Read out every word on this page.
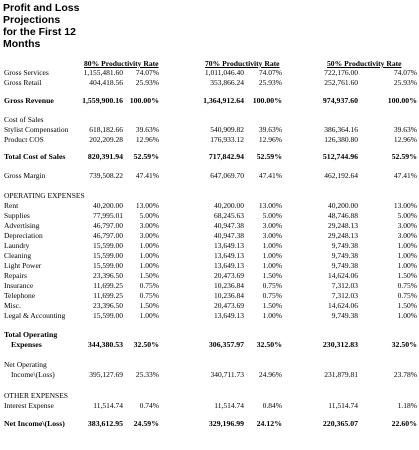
Profit and Loss
Projections
for the First 12
Months
80% Productivity Rate	70% Productivity Rate	50% Productivity Rate
Gross Services	1,155,481.60 74.07%	1,011,046.40 74.07%	722,176.00	74.07%
Gross Retail	404,418.56 25.93%	353,866.24 25.93%	252,761.60	25.93%
Gross Revenue	1,559,900.16 100.00%	1,364,912.64 100.00%	974,937.60	100.00%
Cost of Sales
Stylist Compensation	618,182.66 39.63%	540,909.82 39.63%	386,364.16	39.63%
Product COS	202,209.28 12.96%	176,933.12 12.96%	126,380.80	12.96%
Total Cost of Sales	820,391.94 52.59%	717,842.94 52.59%	512,744.96	52.59%
Gross Margin	739,508.22 47.41%	647,069.70 47.41%	462,192.64	47.41%
OPERATING EXPENSES
Rent	40,200.00 13.00%	40,200.00 13.00%	40,200.00	13.00%
Supplies	77,995.01 5.00%	68,245.63 5.00%	48,746.88	5.00%
Advertising	46,797.00 3.00%	40,947.38 3.00%	29,248.13	3.00%
Depreciation	46,797.00 3.00%	40,947.38 3.00%	29,248.13	3.00%
Laundry	15,599.00 1.00%	13,649.13 1.00%	9,749.38	1.00%
Cleaning	15,599.00 1.00%	13,649.13 1.00%	9,749.38	1.00%
Light Power	15,599.00 1.00%	13,649.13 1.00%	9,749.38	1.00%
Repairs	23,396.50 1.50%	20,473.69 1.50%	14,624.06	1.50%
Insurance	11,699.25 0.75%	10,236.84 0.75%	7,312.03	0.75%
Telephone	11,699.25 0.75%	10,236.84 0.75%	7,312.03	0.75%
Misc.	23,396.50 1.50%	20,473.69 1.50%	14,624.06	1.50%
Legal & Accounting	15,599.00 1.00%	13,649.13 1.00%	9,749.38	1.00%
Total Operating
Expenses	344,380.53 32.50%	306,357.97 32.50%	230,312.83	32.50%
Net Operating
Income\(Loss)	395,127.69 25.33%	340,711.73 24.96%	231,879.81	23.78%
OTHER EXPENSES
Interest Expense	11,514.74 0.74%	11,514.74 0.84%	11,514.74	1.18%
Net Income\(Loss)	383,612.95 24.59%	329,196.99 24.12%	220,365.07	22.60%
